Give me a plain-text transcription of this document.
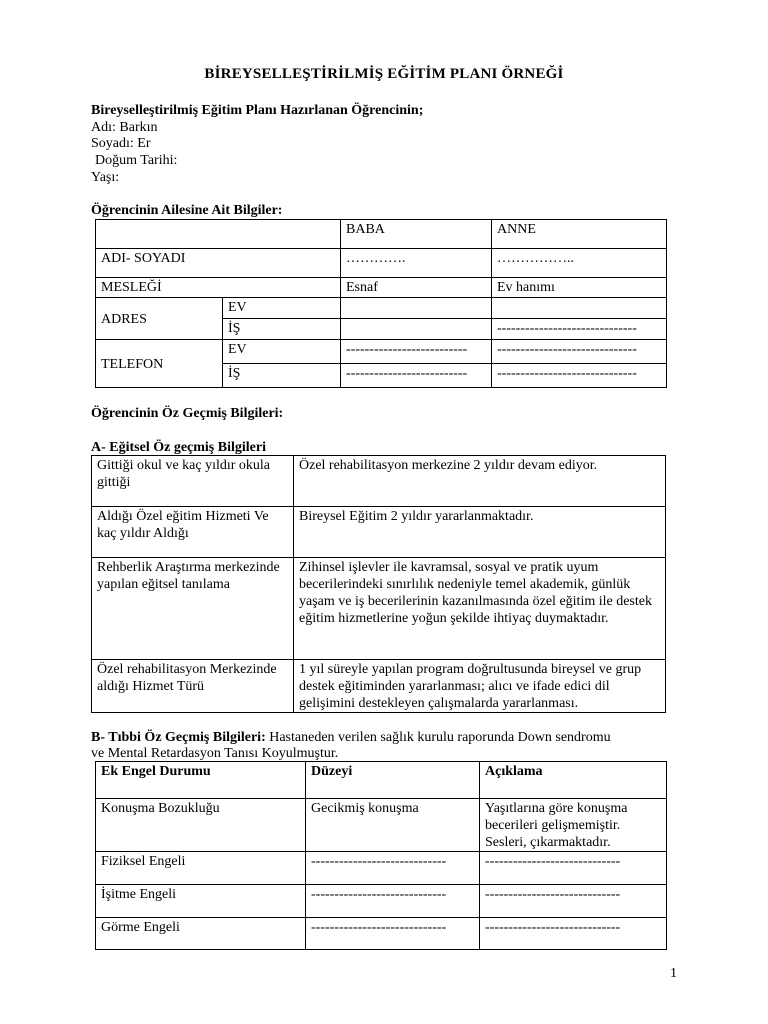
BİREYSELLEŞTİRİLMİŞ EĞİTİM PLANI ÖRNEĞİ
Bireyselleştirilmiş Eğitim Planı Hazırlanan Öğrencinin;
Adı: Barkın
Soyadı: Er
Doğum Tarihi:
Yaşı:
Öğrencinin Ailesine Ait Bilgiler:
		BABA	ANNE
ADI- SOYADI		………….	……………..
MESLEĞİ		Esnaf	Ev hanımı
ADRES	EV		
	İŞ		------------------------------
TELEFON	EV	--------------------------	------------------------------
	İŞ	--------------------------	------------------------------
Öğrencinin Öz Geçmiş Bilgileri:
A- Eğitsel Öz geçmiş Bilgileri
Gittiği okul ve kaç yıldır okula gittiği	Özel rehabilitasyon merkezine 2 yıldır devam ediyor.
Aldığı Özel eğitim Hizmeti Ve kaç yıldır Aldığı	Bireysel Eğitim 2 yıldır yararlanmaktadır.
Rehberlik Araştırma merkezinde yapılan eğitsel tanılama	Zihinsel işlevler ile kavramsal, sosyal ve pratik uyum becerilerindeki sınırlılık nedeniyle temel akademik, günlük yaşam ve iş becerilerinin kazanılmasında özel eğitim ile destek eğitim hizmetlerine yoğun şekilde ihtiyaç duymaktadır.
Özel rehabilitasyon Merkezinde aldığı Hizmet Türü	1 yıl süreyle yapılan program doğrultusunda bireysel ve grup destek eğitiminden yararlanması; alıcı ve ifade edici dil gelişimini destekleyen çalışmalarda yararlanması.
B- Tıbbi Öz Geçmiş Bilgileri: Hastaneden verilen sağlık kurulu raporunda Down sendromu
ve Mental Retardasyon Tanısı Koyulmuştur.
Ek Engel Durumu	Düzeyi	Açıklama
Konuşma Bozukluğu	Gecikmiş konuşma	Yaşıtlarına göre konuşma becerileri gelişmemiştir. Sesleri, çıkarmaktadır.
Fiziksel Engeli	-----------------------------	-----------------------------
İşitme Engeli	-----------------------------	-----------------------------
Görme Engeli	-----------------------------	-----------------------------
1
